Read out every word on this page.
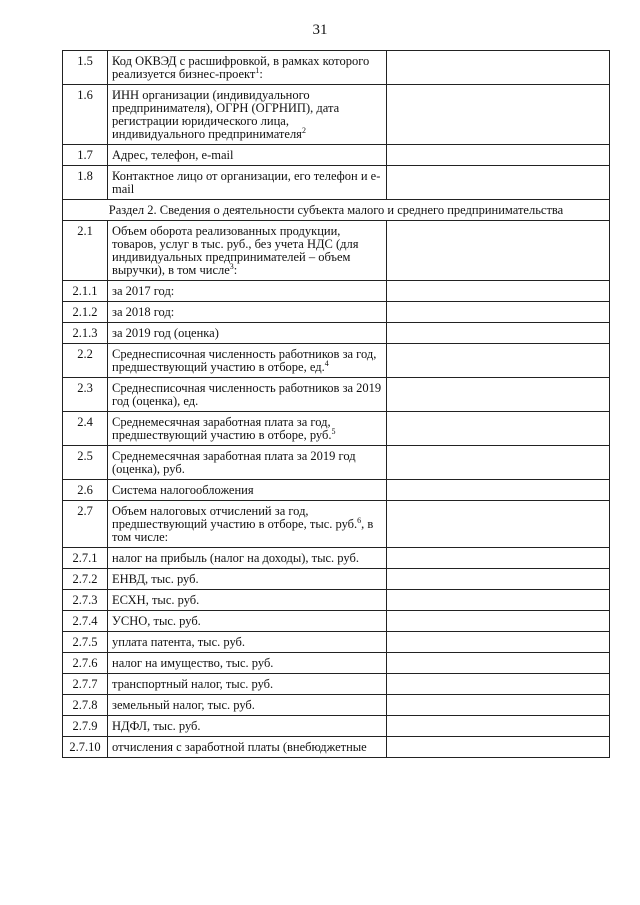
31
1.5	Код ОКВЭД с расшифровкой, в рамках которого реализуется бизнес-проект$^1$:	
1.6	ИНН организации (индивидуального предпринимателя), ОГРН (ОГРНИП), дата регистрации юридического лица, индивидуального предпринимателя$^2$	
1.7	Адрес, телефон, e-mail	
1.8	Контактное лицо от организации, его телефон и e-mail	
Раздел 2. Сведения о деятельности субъекта малого и среднего предпринимательства		
2.1	Объем оборота реализованных продукции, товаров, услуг в тыс. руб., без учета НДС (для индивидуальных предпринимателей – объем выручки), в том числе$^3$:	
2.1.1	за 2017 год:	
2.1.2	за 2018 год:	
2.1.3	за 2019 год (оценка)	
2.2	Среднесписочная численность работников за год, предшествующий участию в отборе, ед.$^4$	
2.3	Среднесписочная численность работников за 2019 год (оценка), ед.	
2.4	Среднемесячная заработная плата за год, предшествующий участию в отборе, руб.$^5$	
2.5	Среднемесячная заработная плата за 2019 год (оценка), руб.	
2.6	Система налогообложения	
2.7	Объем налоговых отчислений за год, предшествующий участию в отборе, тыс. руб.$^6$, в том числе:	
2.7.1	налог на прибыль (налог на доходы), тыс. руб.	
2.7.2	ЕНВД, тыс. руб.	
2.7.3	ЕСХН, тыс. руб.	
2.7.4	УСНО, тыс. руб.	
2.7.5	уплата патента, тыс. руб.	
2.7.6	налог на имущество, тыс. руб.	
2.7.7	транспортный налог, тыс. руб.	
2.7.8	земельный налог, тыс. руб.	
2.7.9	НДФЛ, тыс. руб.	
2.7.10	отчисления с заработной платы (внебюджетные	
